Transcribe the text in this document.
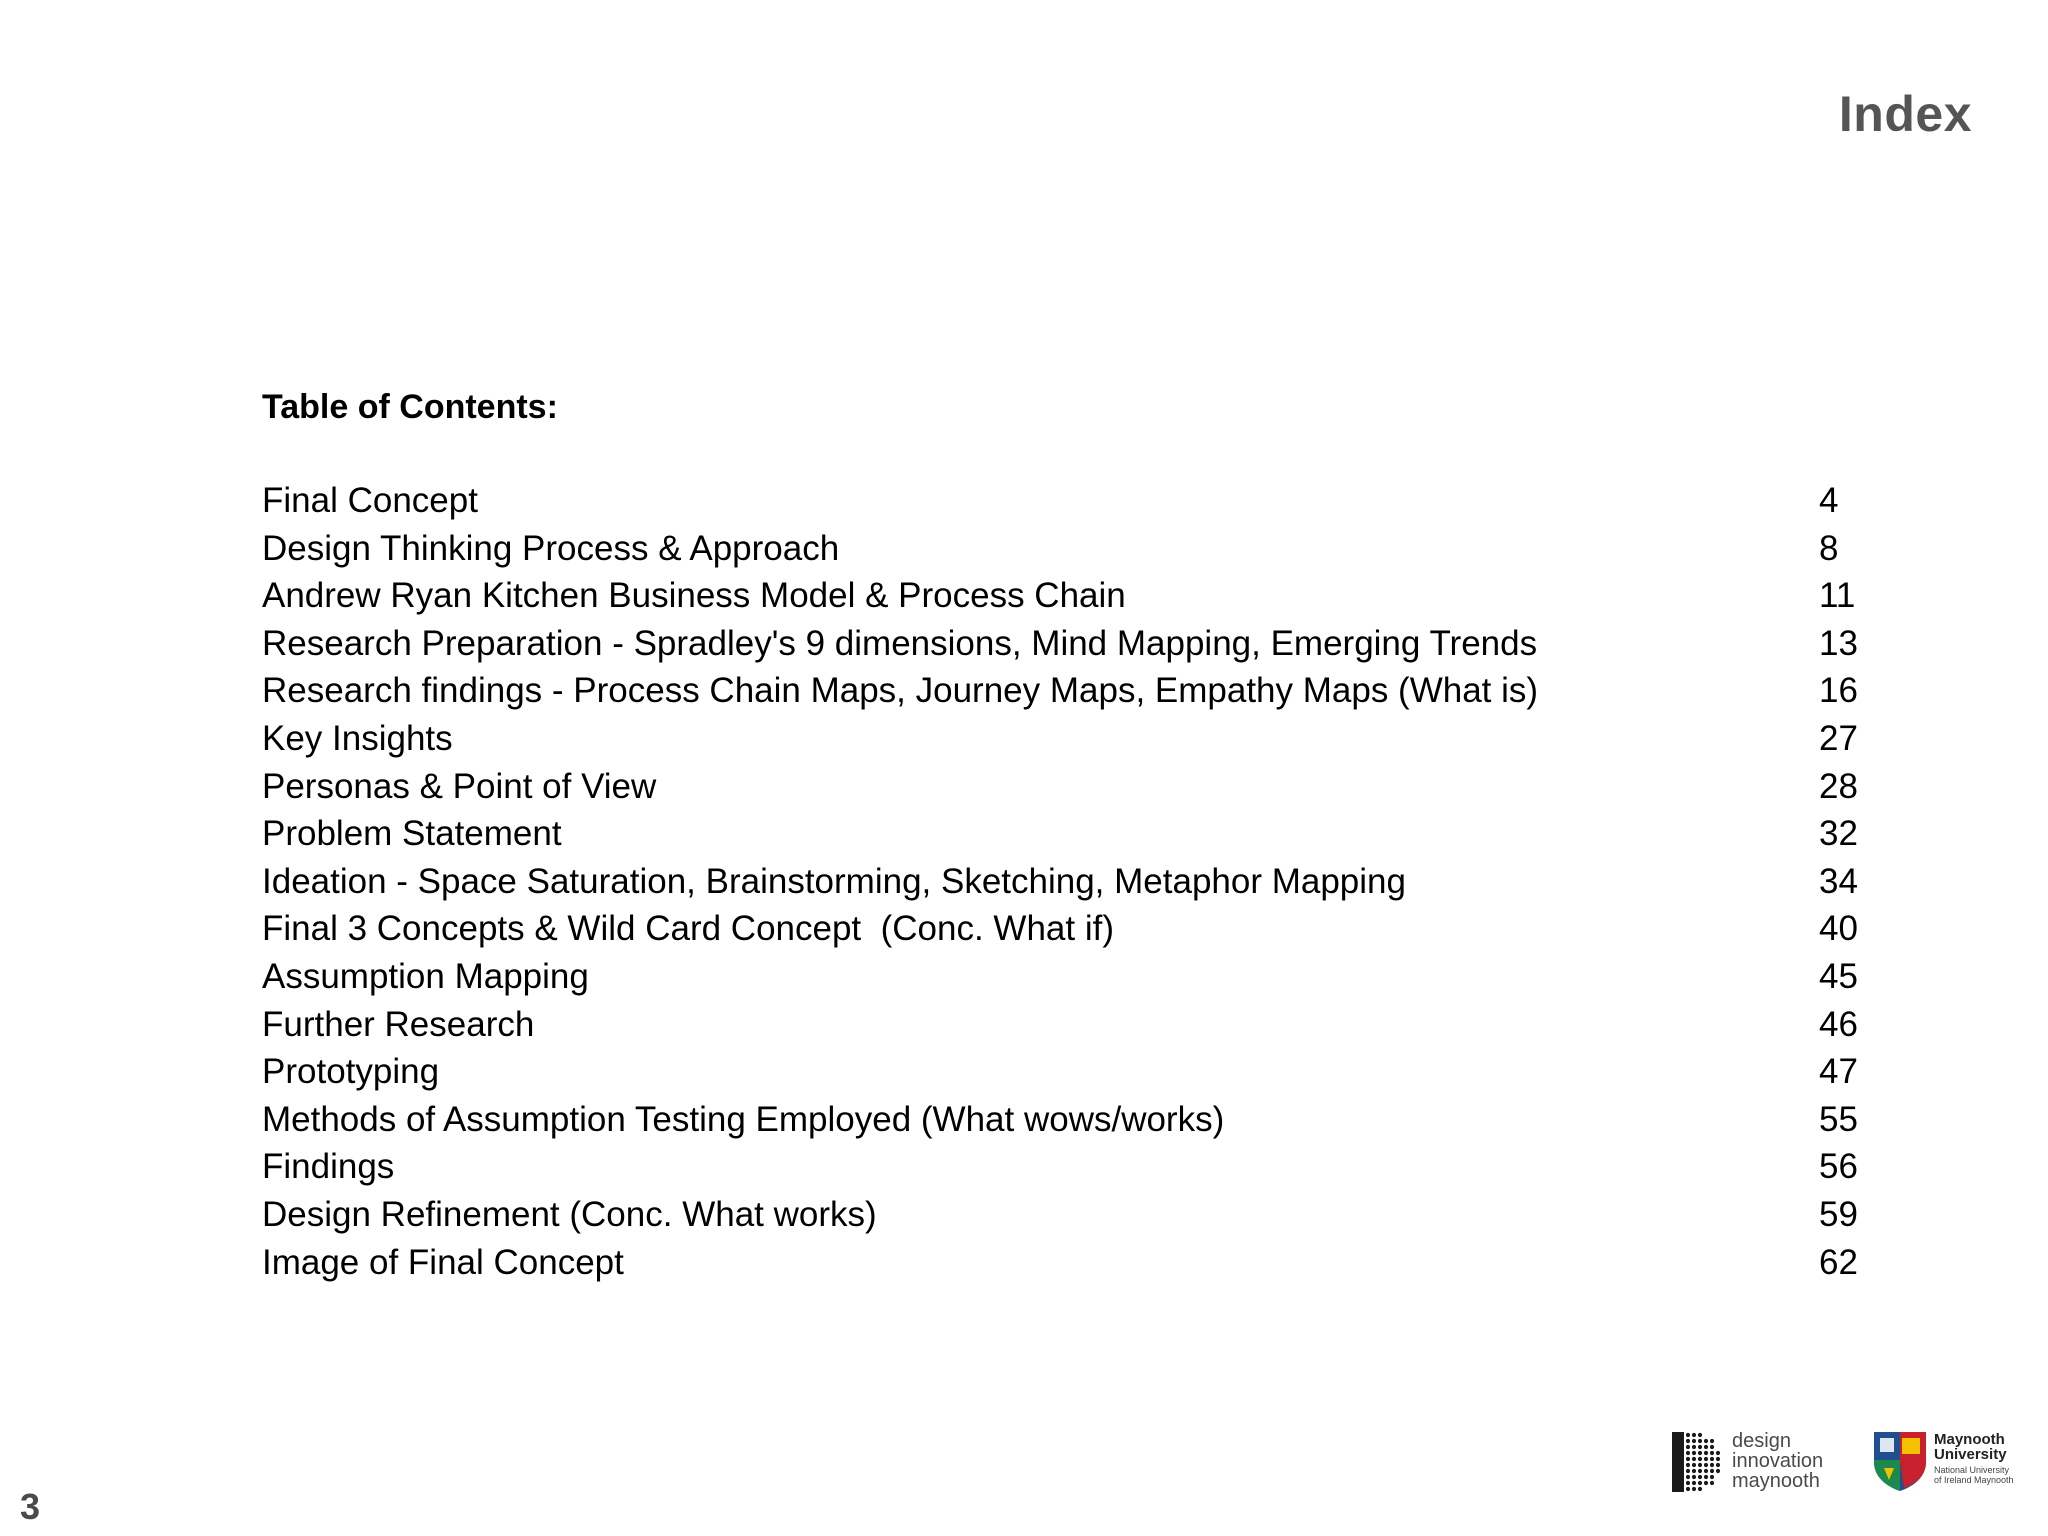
Index
Table of Contents:
Final Concept	4
Design Thinking Process & Approach	8
Andrew Ryan Kitchen Business Model & Process Chain	11
Research Preparation - Spradley's 9 dimensions, Mind Mapping, Emerging Trends	13
Research findings - Process Chain Maps, Journey Maps, Empathy Maps (What is)	16
Key Insights	27
Personas & Point of View	28
Problem Statement	32
Ideation - Space Saturation, Brainstorming, Sketching, Metaphor Mapping	34
Final 3 Concepts & Wild Card Concept  (Conc. What if)	40
Assumption Mapping	45
Further Research	46
Prototyping	47
Methods of Assumption Testing Employed (What wows/works)	55
Findings	56
Design Refinement (Conc. What works)	59
Image of Final Concept	62
3
design
innovation
maynooth
Maynooth
University
National University
of Ireland Maynooth
